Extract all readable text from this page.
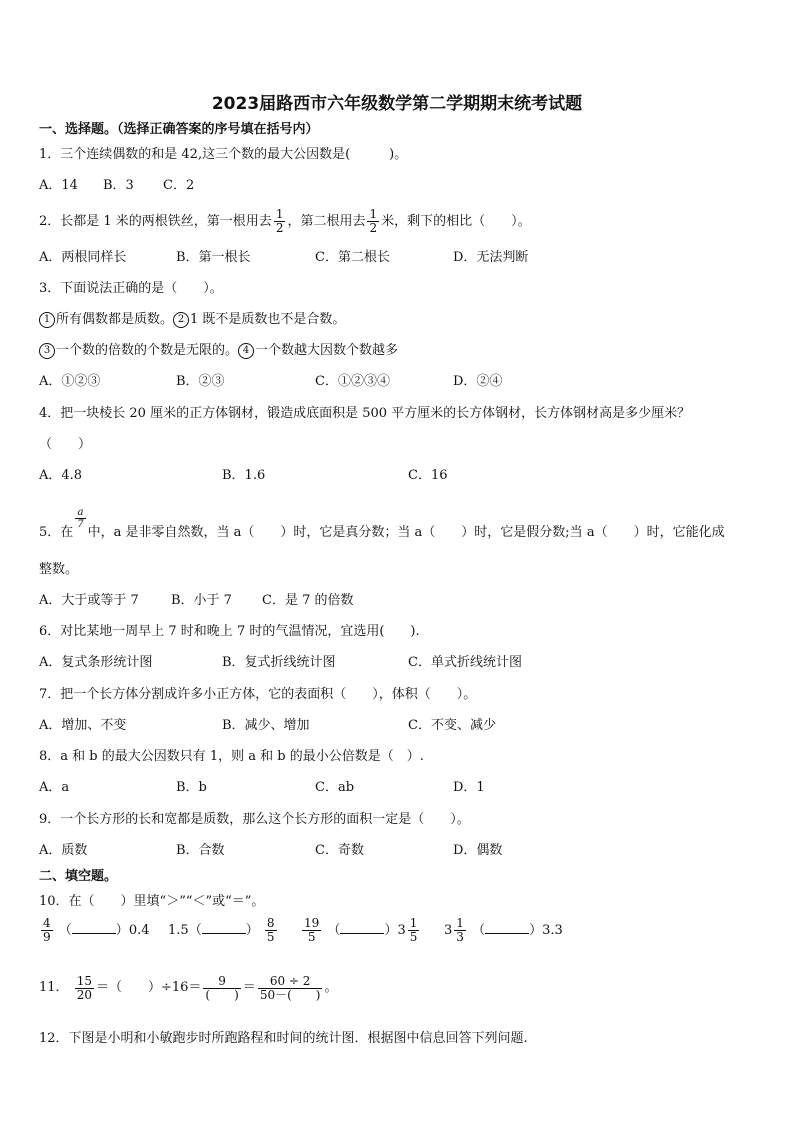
2023届路西市六年级数学第二学期期末统考试题
一、选择题。（选择正确答案的序号填在括号内）
1．三个连续偶数的和是 42,这三个数的最大公因数是(　　　)。
A．14 B．3 C．2
2．长都是 1 米的两根铁丝，第一根用去 $\frac{1}{2}$ ，第二根用去 $\frac{1}{2}$ 米，剩下的相比（　　）。
A．两根同样长	B．第一根长	C．第二根长	D．无法判断
3．下面说法正确的是（　　）。
1 所有偶数都是质数。 2 1 既不是质数也不是合数。
3 一个数的倍数的个数是无限的。 4 一个数越大因数个数越多
A．①②③	B．②③	C．①②③④	D．②④
4．把一块棱长 20 厘米的正方体钢材，锻造成底面积是 500 平方厘米的长方体钢材，长方体钢材高是多少厘米？
（　　）
A．4.8	B．1.6	C．16
5．在
$\frac{a}{7}$
中，a 是非零自然数，当 a（　　）时，它是真分数；当 a（　　）时，它是假分数;当 a（　　）时，它能化成
整数。
A．大于或等于 7 B．小于 7 C．是 7 的倍数
6．对比某地一周早上 7 时和晚上 7 时的气温情况，宜选用(　　).
A．复式条形统计图	B．复式折线统计图	C．单式折线统计图
7．把一个长方体分割成许多小正方体，它的表面积（　　），体积（　　）。
A．增加、不变	B．减少、增加	C．不变、减少
8．a 和 b 的最大公因数只有 1，则 a 和 b 的最小公倍数是（　）.
A．a	B．b	C．ab	D．1
9．一个长方形的长和宽都是质数，那么这个长方形的面积一定是（　　）。
A．质数	B．合数	C．奇数	D．偶数
二、填空题。
10．在（　　）里填“＞”“＜”或“＝”。
$\frac{4}{9}$ （	）0.4 1.5（	） $\frac{8}{5} \frac{19}{5}$ （	）$3 \frac{1}{5} 3 \frac{1}{3}$ （	）3.3
11． $\frac{15}{20}$ ＝（　　）$\div 16= \frac{9}{( )} = \frac{60 \div 2}{50-( )}$ 。
12．下图是小明和小敏跑步时所跑路程和时间的统计图．根据图中信息回答下列问题.
